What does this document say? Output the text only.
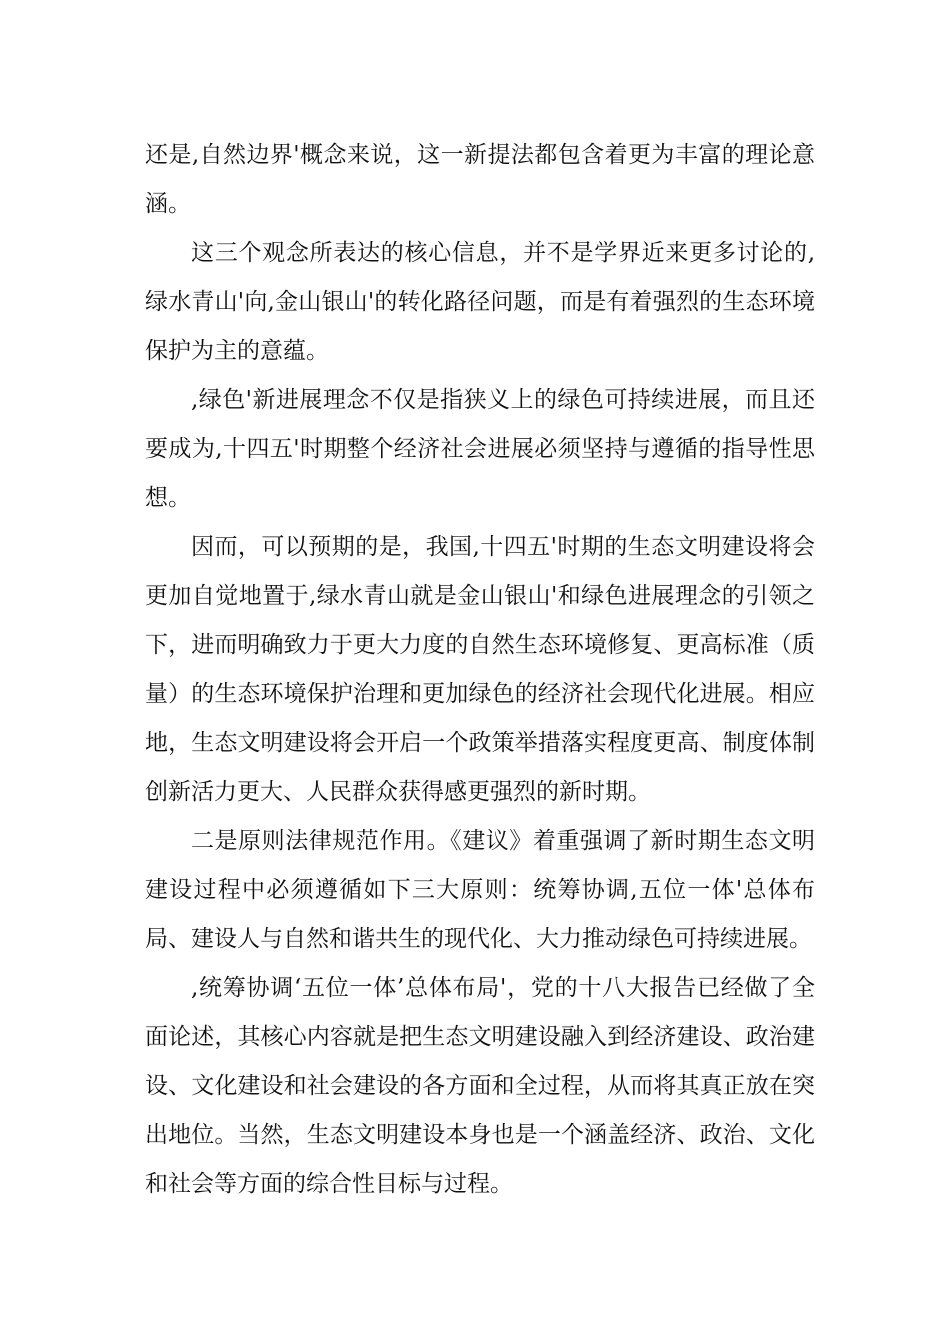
还是,自然边界'概念来说，这一新提法都包含着更为丰富的理论意涵。

这三个观念所表达的核心信息，并不是学界近来更多讨论的,绿水青山'向,金山银山'的转化路径问题，而是有着强烈的生态环境保护为主的意蕴。

,绿色'新进展理念不仅是指狭义上的绿色可持续进展，而且还要成为,十四五'时期整个经济社会进展必须坚持与遵循的指导性思想。

因而，可以预期的是，我国,十四五'时期的生态文明建设将会更加自觉地置于,绿水青山就是金山银山'和绿色进展理念的引领之下，进而明确致力于更大力度的自然生态环境修复、更高标准（质量）的生态环境保护治理和更加绿色的经济社会现代化进展。相应地，生态文明建设将会开启一个政策举措落实程度更高、制度体制创新活力更大、人民群众获得感更强烈的新时期。

二是原则法律规范作用。《建议》着重强调了新时期生态文明建设过程中必须遵循如下三大原则：统筹协调,五位一体'总体布局、建设人与自然和谐共生的现代化、大力推动绿色可持续进展。

,统筹协调‘五位一体’总体布局'，党的十八大报告已经做了全面论述，其核心内容就是把生态文明建设融入到经济建设、政治建设、文化建设和社会建设的各方面和全过程，从而将其真正放在突出地位。当然，生态文明建设本身也是一个涵盖经济、政治、文化和社会等方面的综合性目标与过程。
